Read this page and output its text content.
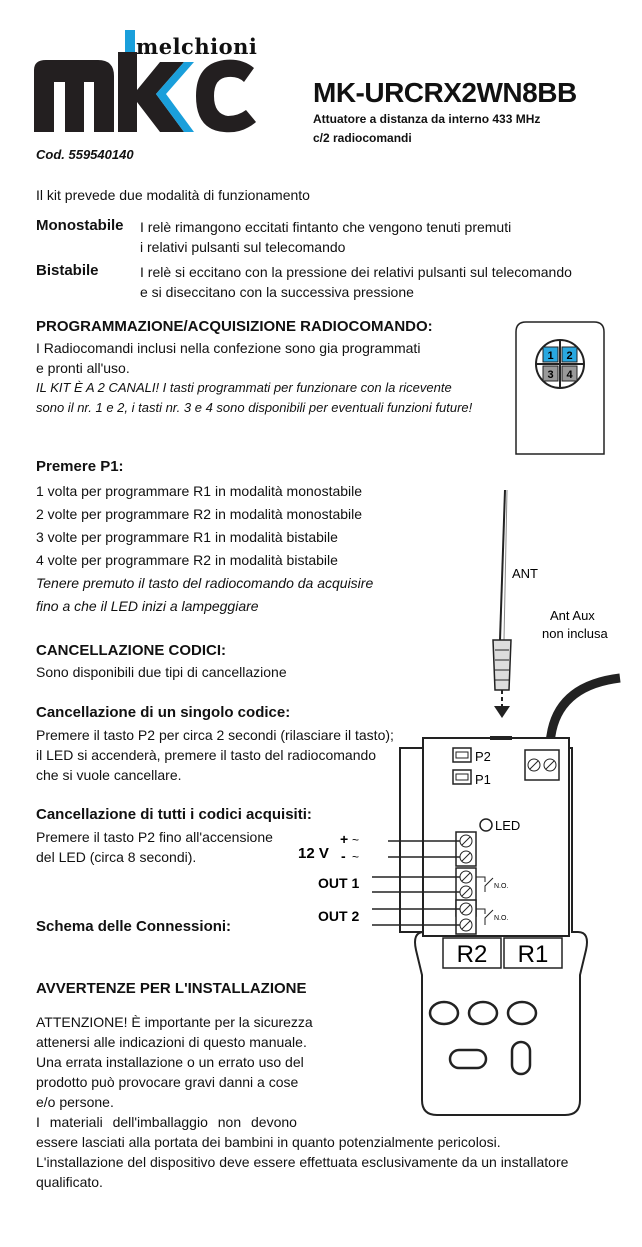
melchioni
MK-URCRX2WN8BB
Attuatore a distanza da interno 433 MHz
c/2 radiocomandi
Cod. 559540140
Il kit prevede due modalità di funzionamento
Monostabile	I relè rimangono eccitati fintanto che vengono tenuti premuti
i relativi pulsanti sul telecomando
Bistabile	I relè si eccitano con la pressione dei relativi pulsanti sul telecomando
e si diseccitano con la successiva pressione
PROGRAMMAZIONE/ACQUISIZIONE RADIOCOMANDO:
I Radiocomandi inclusi nella confezione sono gia programmati
e pronti all'uso.
IL KIT È A 2 CANALI! I tasti programmati per funzionare con la ricevente
sono il nr. 1 e 2, i tasti nr. 3 e 4 sono disponibili per eventuali funzioni future!
1 2
3 4
Premere P1:
1 volta per programmare R1 in modalità monostabile
2 volte per programmare R2 in modalità monostabile
3 volte per programmare R1 in modalità bistabile
4 volte per programmare R2 in modalità bistabile
Tenere premuto il tasto del radiocomando da acquisire
fino a che il LED inizi a lampeggiare
CANCELLAZIONE CODICI:
Sono disponibili due tipi di cancellazione
Cancellazione di un singolo codice:
Premere il tasto P2 per circa 2 secondi (rilasciare il tasto);
il LED si accenderà, premere il tasto del radiocomando
che si vuole cancellare.
Cancellazione di tutti i codici acquisiti:
Premere il tasto P2 fino all'accensione
del LED (circa 8 secondi).
Schema delle Connessioni:
AVVERTENZE PER L'INSTALLAZIONE
ATTENZIONE! È importante per la sicurezza
attenersi alle indicazioni di questo manuale.
Una errata installazione o un errato uso del
prodotto può provocare gravi danni a cose
e/o persone.
I materiali dell'imballaggio non devono
essere lasciati alla portata dei bambini in quanto potenzialmente pericolosi.
L'installazione del dispositivo deve essere effettuata esclusivamente da un installatore
qualificato.
ANT
Ant Aux
non inclusa
P2
P1
LED
12 V
+
-
~
~
OUT 1	N.O.
OUT 2	N.O.
R2 R1
